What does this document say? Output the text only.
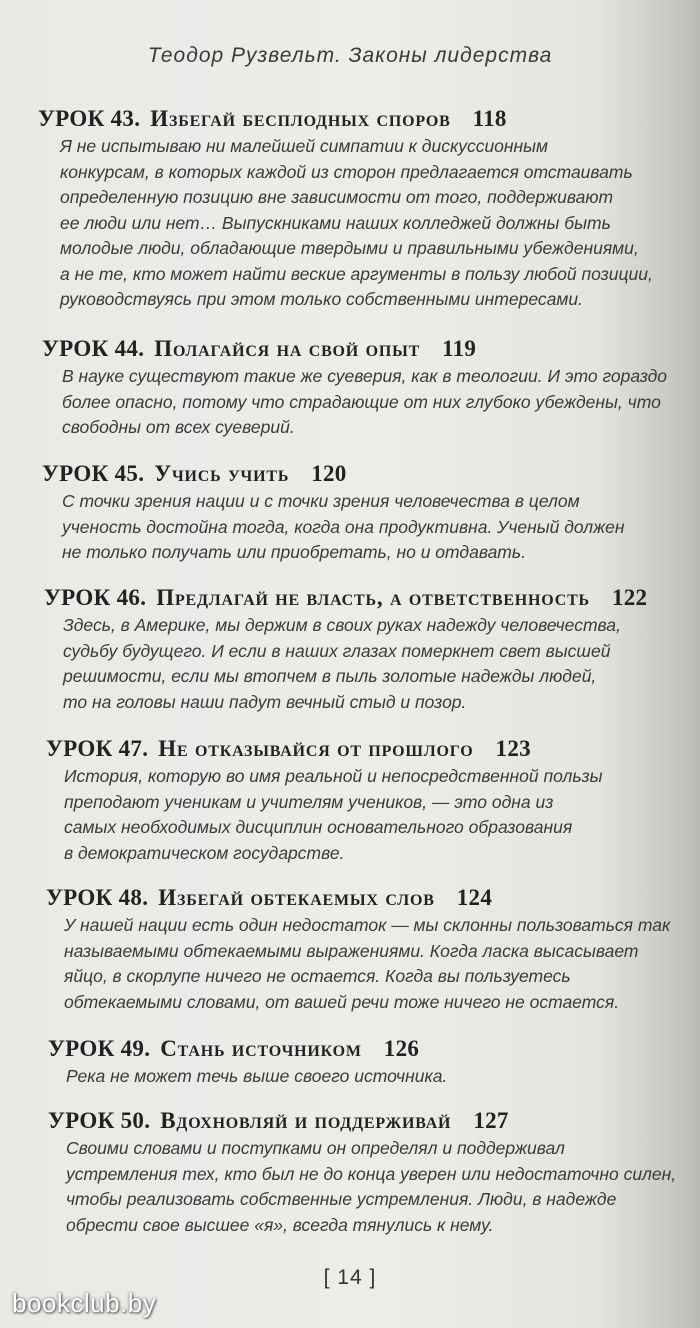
Теодор Рузвельт. Законы лидерства
УРОК 43. Избегай бесплодных споров 118
Я не испытываю ни малейшей симпатии к дискуссионным
конкурсам, в которых каждой из сторон предлагается отстаивать
определенную позицию вне зависимости от того, поддерживают
ее люди или нет… Выпускниками наших колледжей должны быть
молодые люди, обладающие твердыми и правильными убеждениями,
а не те, кто может найти веские аргументы в пользу любой позиции,
руководствуясь при этом только собственными интересами.
УРОК 44. Полагайся на свой опыт 119
В науке существуют такие же суеверия, как в теологии. И это гораздо
более опасно, потому что страдающие от них глубоко убеждены, что
свободны от всех суеверий.
УРОК 45. Учись учить 120
С точки зрения нации и с точки зрения человечества в целом
ученость достойна тогда, когда она продуктивна. Ученый должен
не только получать или приобретать, но и отдавать.
УРОК 46. Предлагай не власть, а ответственность 122
Здесь, в Америке, мы держим в своих руках надежду человечества,
судьбу будущего. И если в наших глазах померкнет свет высшей
решимости, если мы втопчем в пыль золотые надежды людей,
то на головы наши падут вечный стыд и позор.
УРОК 47. Не отказывайся от прошлого 123
История, которую во имя реальной и непосредственной пользы
преподают ученикам и учителям учеников, — это одна из
самых необходимых дисциплин основательного образования
в демократическом государстве.
УРОК 48. Избегай обтекаемых слов 124
У нашей нации есть один недостаток — мы склонны пользоваться так
называемыми обтекаемыми выражениями. Когда ласка высасывает
яйцо, в скорлупе ничего не остается. Когда вы пользуетесь
обтекаемыми словами, от вашей речи тоже ничего не остается.
УРОК 49. Стань источником 126
Река не может течь выше своего источника.
УРОК 50. Вдохновляй и поддерживай 127
Своими словами и поступками он определял и поддерживал
устремления тех, кто был не до конца уверен или недостаточно силен,
чтобы реализовать собственные устремления. Люди, в надежде
обрести свое высшее «я», всегда тянулись к нему.
[ 14 ]
bookclub.by
